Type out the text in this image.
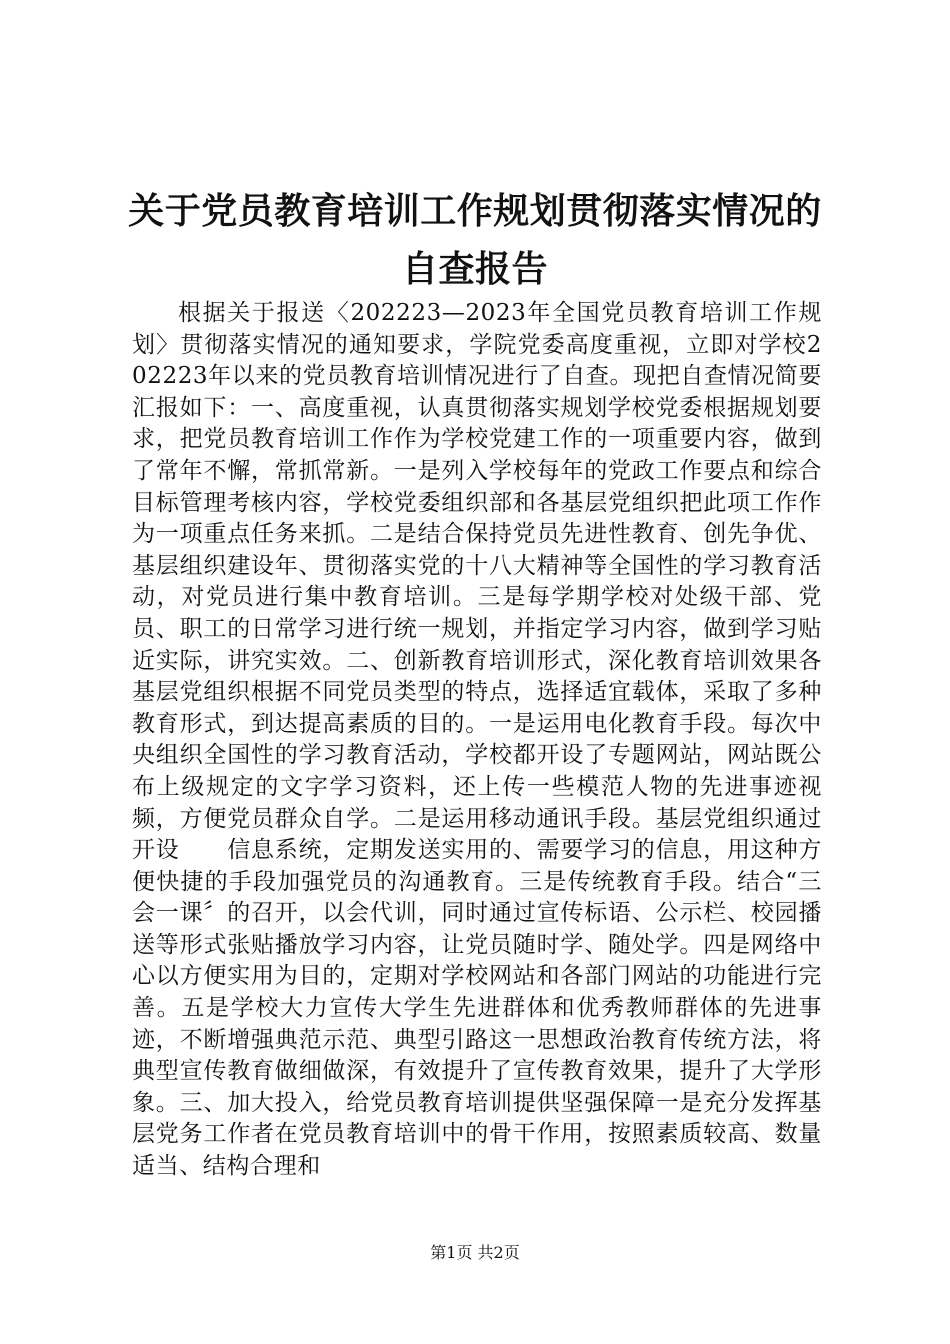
关于党员教育培训工作规划贯彻落实情况的自查报告

根据关于报送〈202223—2023年全国党员教育培训工作规划〉贯彻落实情况的通知要求，学院党委高度重视，立即对学校202223年以来的党员教育培训情况进行了自查。现把自查情况简要汇报如下：一、高度重视，认真贯彻落实规划学校党委根据规划要求，把党员教育培训工作作为学校党建工作的一项重要内容，做到了常年不懈，常抓常新。一是列入学校每年的党政工作要点和综合目标管理考核内容，学校党委组织部和各基层党组织把此项工作作为一项重点任务来抓。二是结合保持党员先进性教育、创先争优、基层组织建设年、贯彻落实党的十八大精神等全国性的学习教育活动，对党员进行集中教育培训。三是每学期学校对处级干部、党员、职工的日常学习进行统一规划，并指定学习内容，做到学习贴近实际，讲究实效。二、创新教育培训形式，深化教育培训效果各基层党组织根据不同党员类型的特点，选择适宜载体，采取了多种教育形式，到达提高素质的目的。一是运用电化教育手段。每次中央组织全国性的学习教育活动，学校都开设了专题网站，网站既公布上级规定的文字学习资料，还上传一些模范人物的先进事迹视频，方便党员群众自学。二是运用移动通讯手段。基层党组织通过开设　　信息系统，定期发送实用的、需要学习的信息，用这种方便快捷的手段加强党员的沟通教育。三是传统教育手段。结合“三会一课〞的召开，以会代训，同时通过宣传标语、公示栏、校园播送等形式张贴播放学习内容，让党员随时学、随处学。四是网络中心以方便实用为目的，定期对学校网站和各部门网站的功能进行完善。五是学校大力宣传大学生先进群体和优秀教师群体的先进事迹，不断增强典范示范、典型引路这一思想政治教育传统方法，将典型宣传教育做细做深，有效提升了宣传教育效果，提升了大学形象。三、加大投入，给党员教育培训提供坚强保障一是充分发挥基层党务工作者在党员教育培训中的骨干作用，按照素质较高、数量适当、结构合理和

第1页 共2页
